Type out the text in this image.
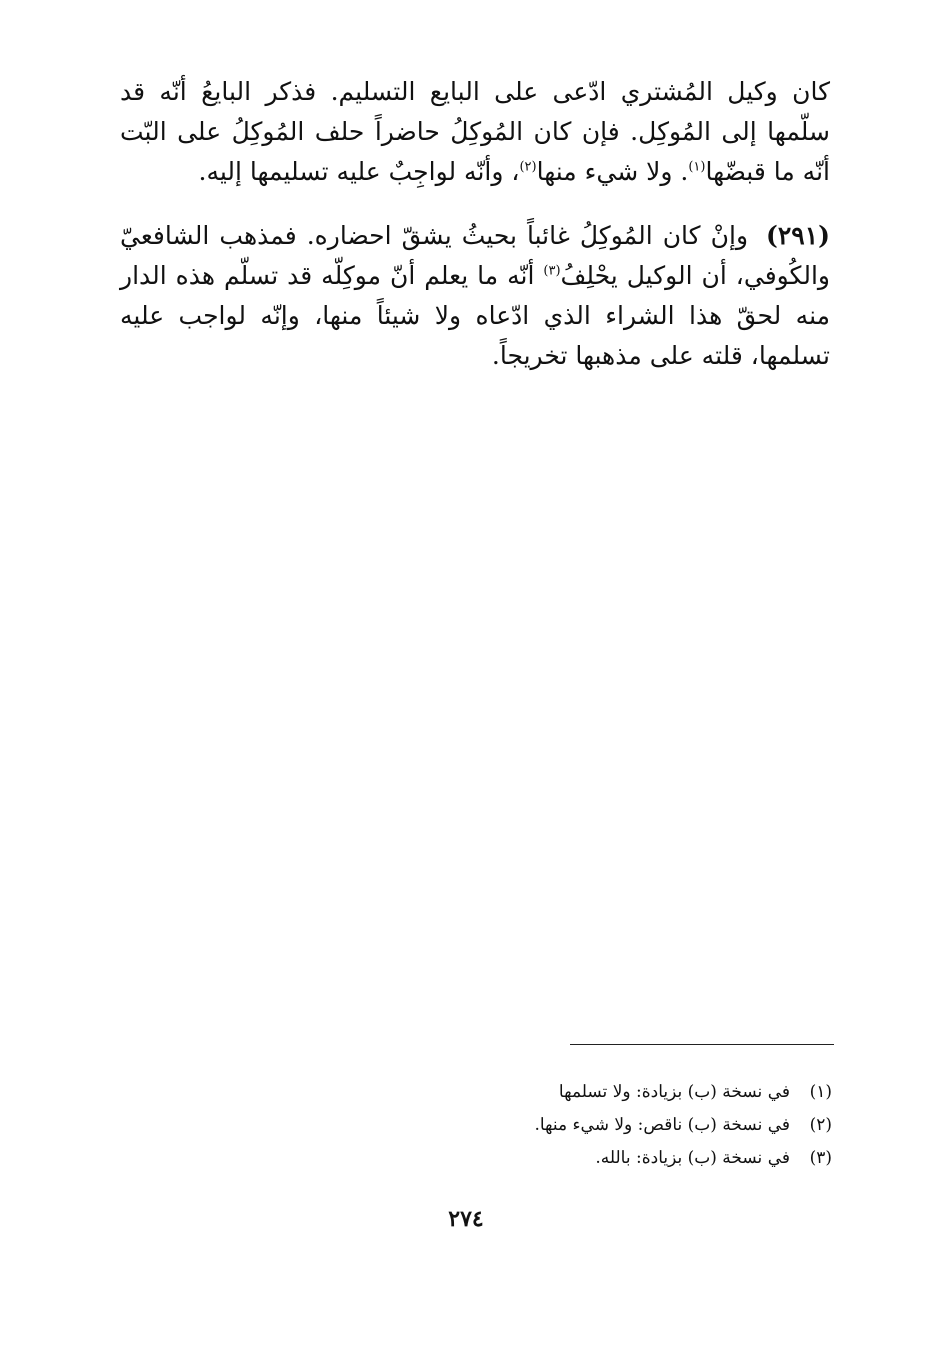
كان وكيل المُشتري ادّعى على البايع التسليم. فذكر البايعُ أنّه قد سلّمها إلى المُوكِل. فإن كان المُوكِلُ حاضراً حلف المُوكِلُ على البّت أنّه ما قبضّها$^{(١)}$. ولا شيء منها$^{(٢)}$، وأنّه لواجِبٌ عليه تسليمها إليه.

(٢٩١)وإنْ كان المُوكِلُ غائباً بحيثُ يشقّ احضاره. فمذهب الشافعيّ والكُوفي، أن الوكيل يحْلِفُ$^{(٣)}$ أنّه ما يعلم أنّ موكِلّه قد تسلّم هذه الدار منه لحقّ هذا الشراء الذي ادّعاه ولا شيئاً منها، وإنّه لواجب عليه تسلمها، قلته على مذهبها تخريجاً.

(١)في نسخة (ب) بزيادة: ولا تسلمها
(٢)في نسخة (ب) ناقص: ولا شيء منها.
(٣)في نسخة (ب) بزيادة: بالله.
٢٧٤
